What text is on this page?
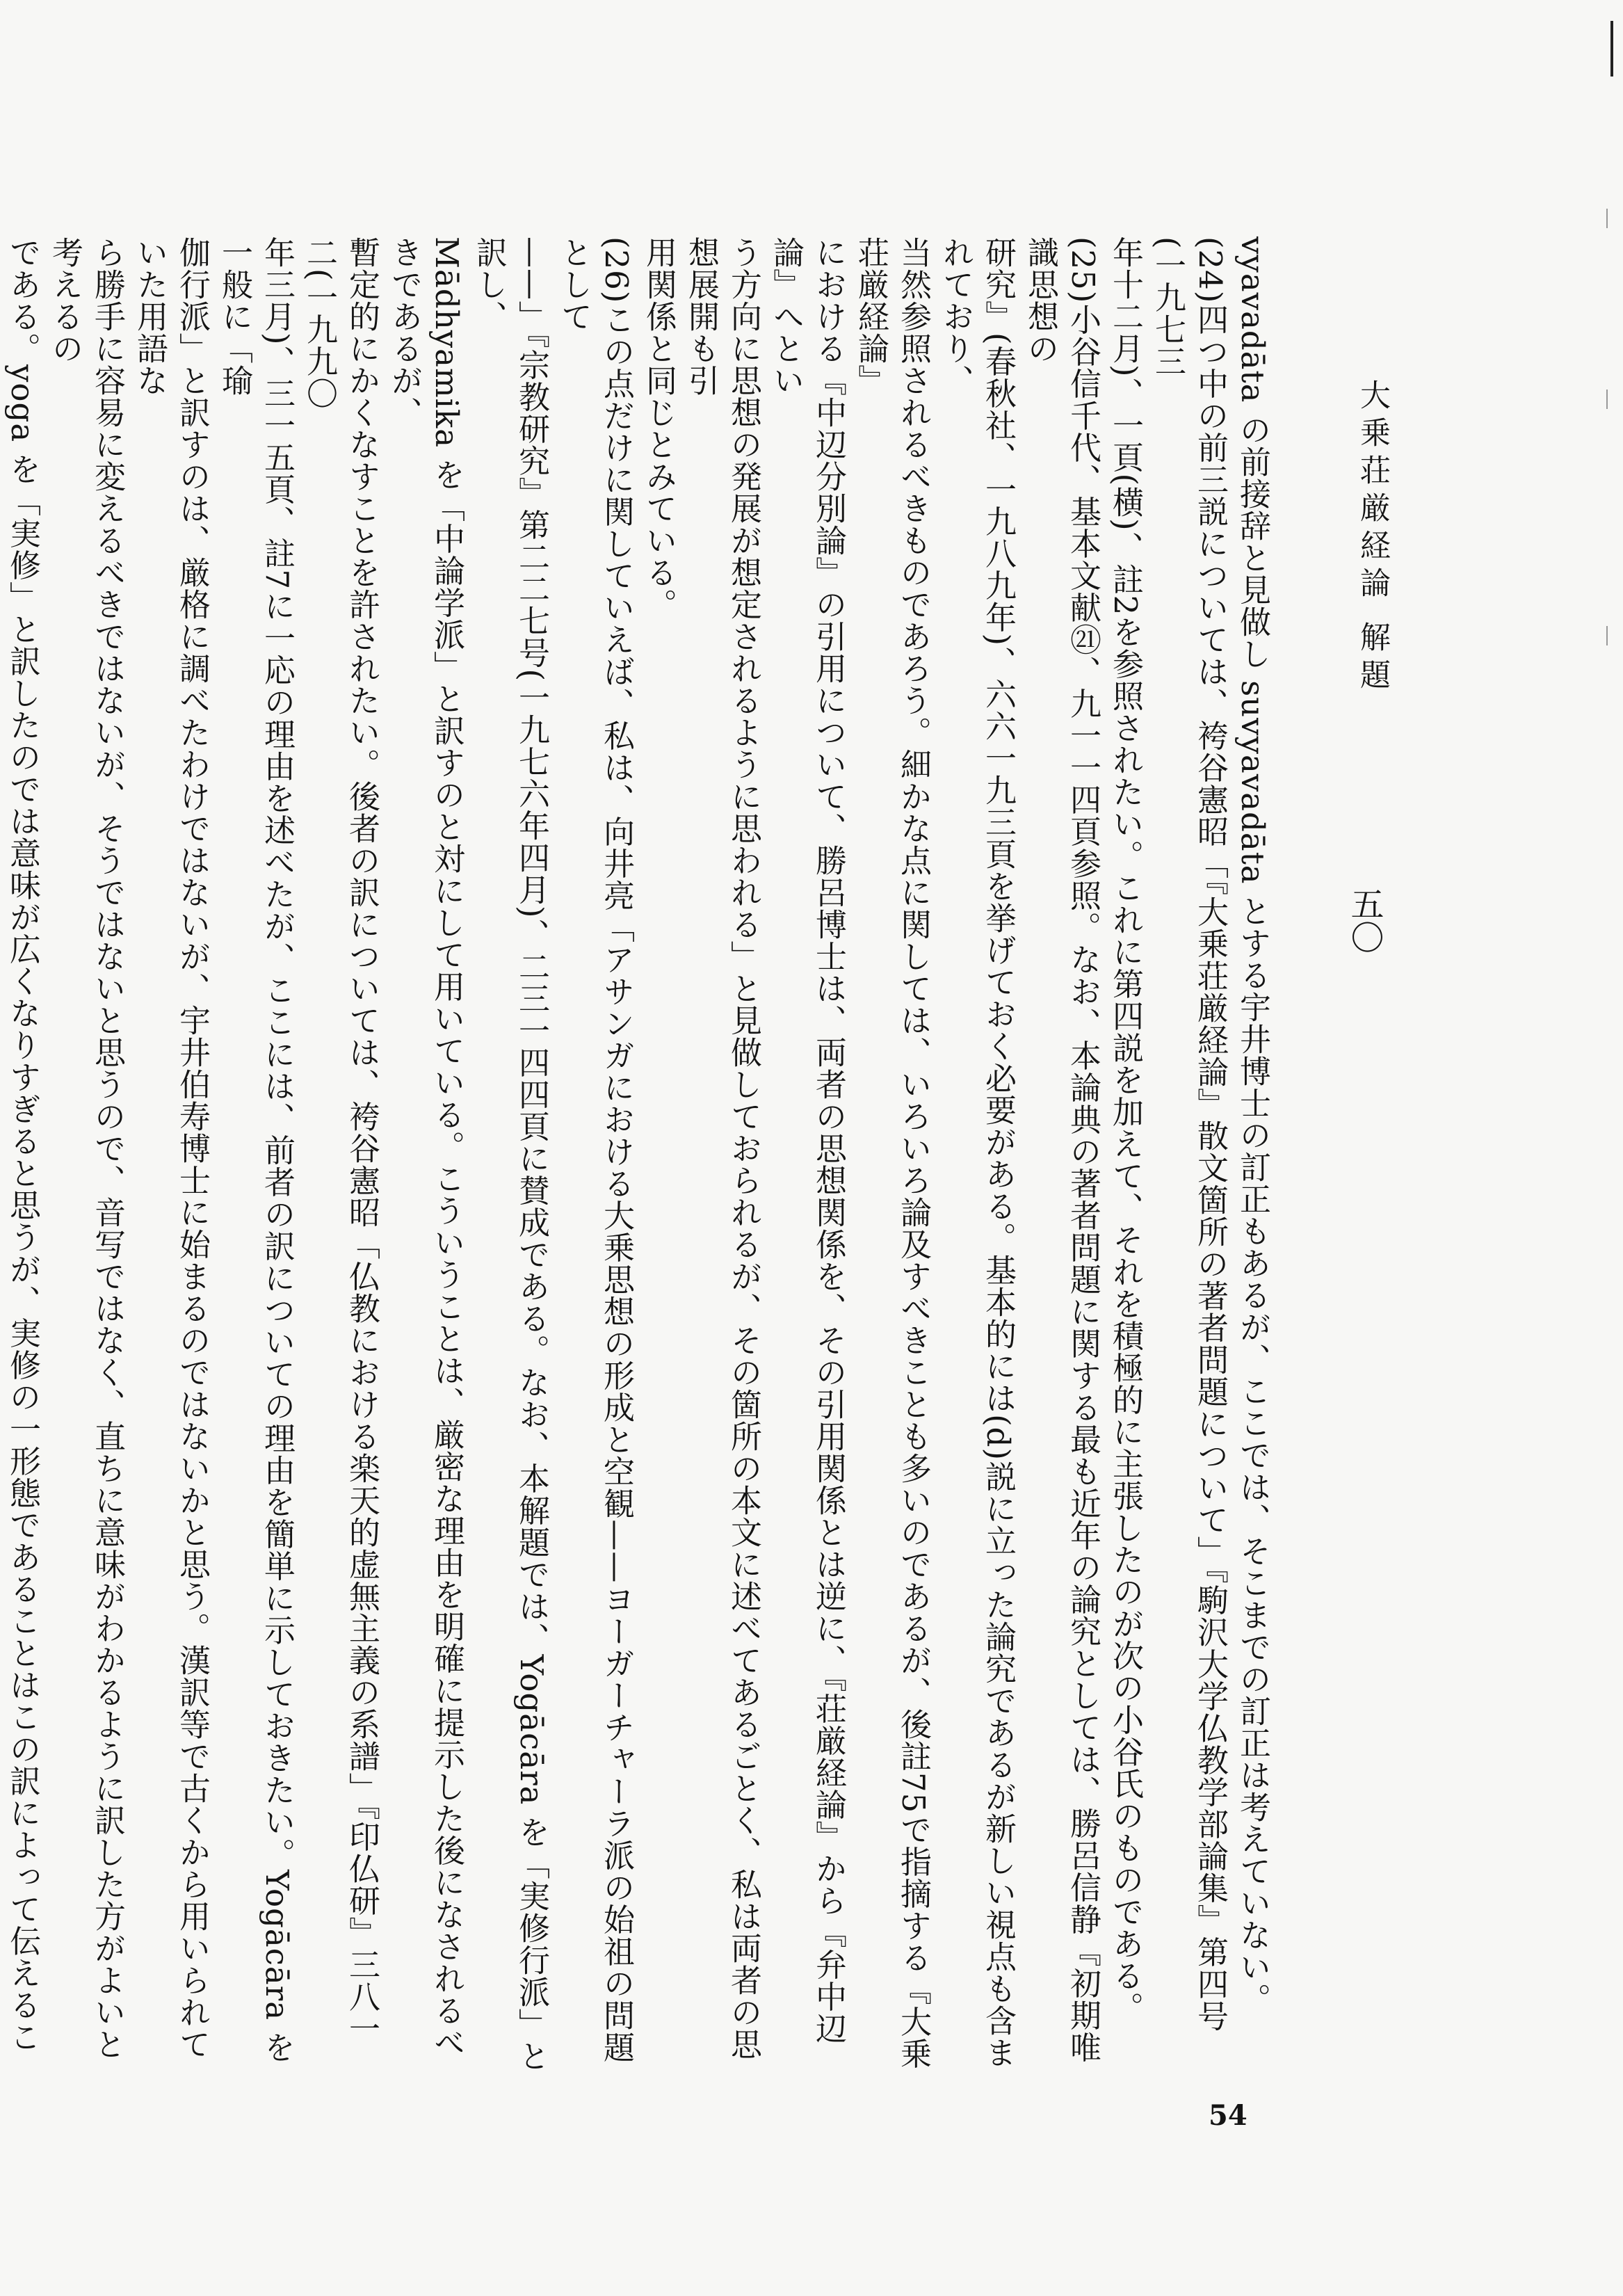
大乗荘厳経論 解題
五〇

vyavadāta の前接辞と見做し suvyavadāta とする宇井博士の訂正もあるが、ここでは、そこまでの訂正は考えていない。

(24)四つ中の前三説については、袴谷憲昭「『大乗荘厳経論』散文箇所の著者問題について」『駒沢大学仏教学部論集』第四号(一九七三

年十二月)、一頁(横)、註2を参照されたい。これに第四説を加えて、それを積極的に主張したのが次の小谷氏のものである。

(25)小谷信千代、基本文献㉑、九一一四頁参照。なお、本論典の著者問題に関する最も近年の論究としては、勝呂信静『初期唯識思想の

研究』(春秋社、一九八九年)、六六一九三頁を挙げておく必要がある。基本的には(d)説に立った論究であるが新しい視点も含まれており、

当然参照されるべきものであろう。細かな点に関しては、いろいろ論及すべきことも多いのであるが、後註75で指摘する『大乗荘厳経論』

における『中辺分別論』の引用について、勝呂博士は、両者の思想関係を、その引用関係とは逆に、『荘厳経論』から『弁中辺論』へとい

う方向に思想の発展が想定されるように思われる」と見做しておられるが、その箇所の本文に述べてあるごとく、私は両者の思想展開も引

用関係と同じとみている。

(26)この点だけに関していえば、私は、向井亮「アサンガにおける大乗思想の形成と空観——ヨーガーチャーラ派の始祖の問題として

——」『宗教研究』第二二七号(一九七六年四月)、二三一四四頁に賛成である。なお、本解題では、Yogācāra を「実修行派」と訳し、

Mādhyamika を「中論学派」と訳すのと対にして用いている。こういうことは、厳密な理由を明確に提示した後になされるべきであるが、

暫定的にかくなすことを許されたい。後者の訳については、袴谷憲昭「仏教における楽天的虚無主義の系譜」『印仏研』三八一二(一九九〇

年三月)、三一五頁、註7に一応の理由を述べたが、ここには、前者の訳についての理由を簡単に示しておきたい。Yogācāra を一般に「瑜

伽行派」と訳すのは、厳格に調べたわけではないが、宇井伯寿博士に始まるのではないかと思う。漢訳等で古くから用いられていた用語な

ら勝手に容易に変えるべきではないが、そうではないと思うので、音写ではなく、直ちに意味がわかるように訳した方がよいと考えるの

である。yoga を「実修」と訳したのでは意味が広くなりすぎると思うが、実修の一形態であることはこの訳によって伝えるこ

54
